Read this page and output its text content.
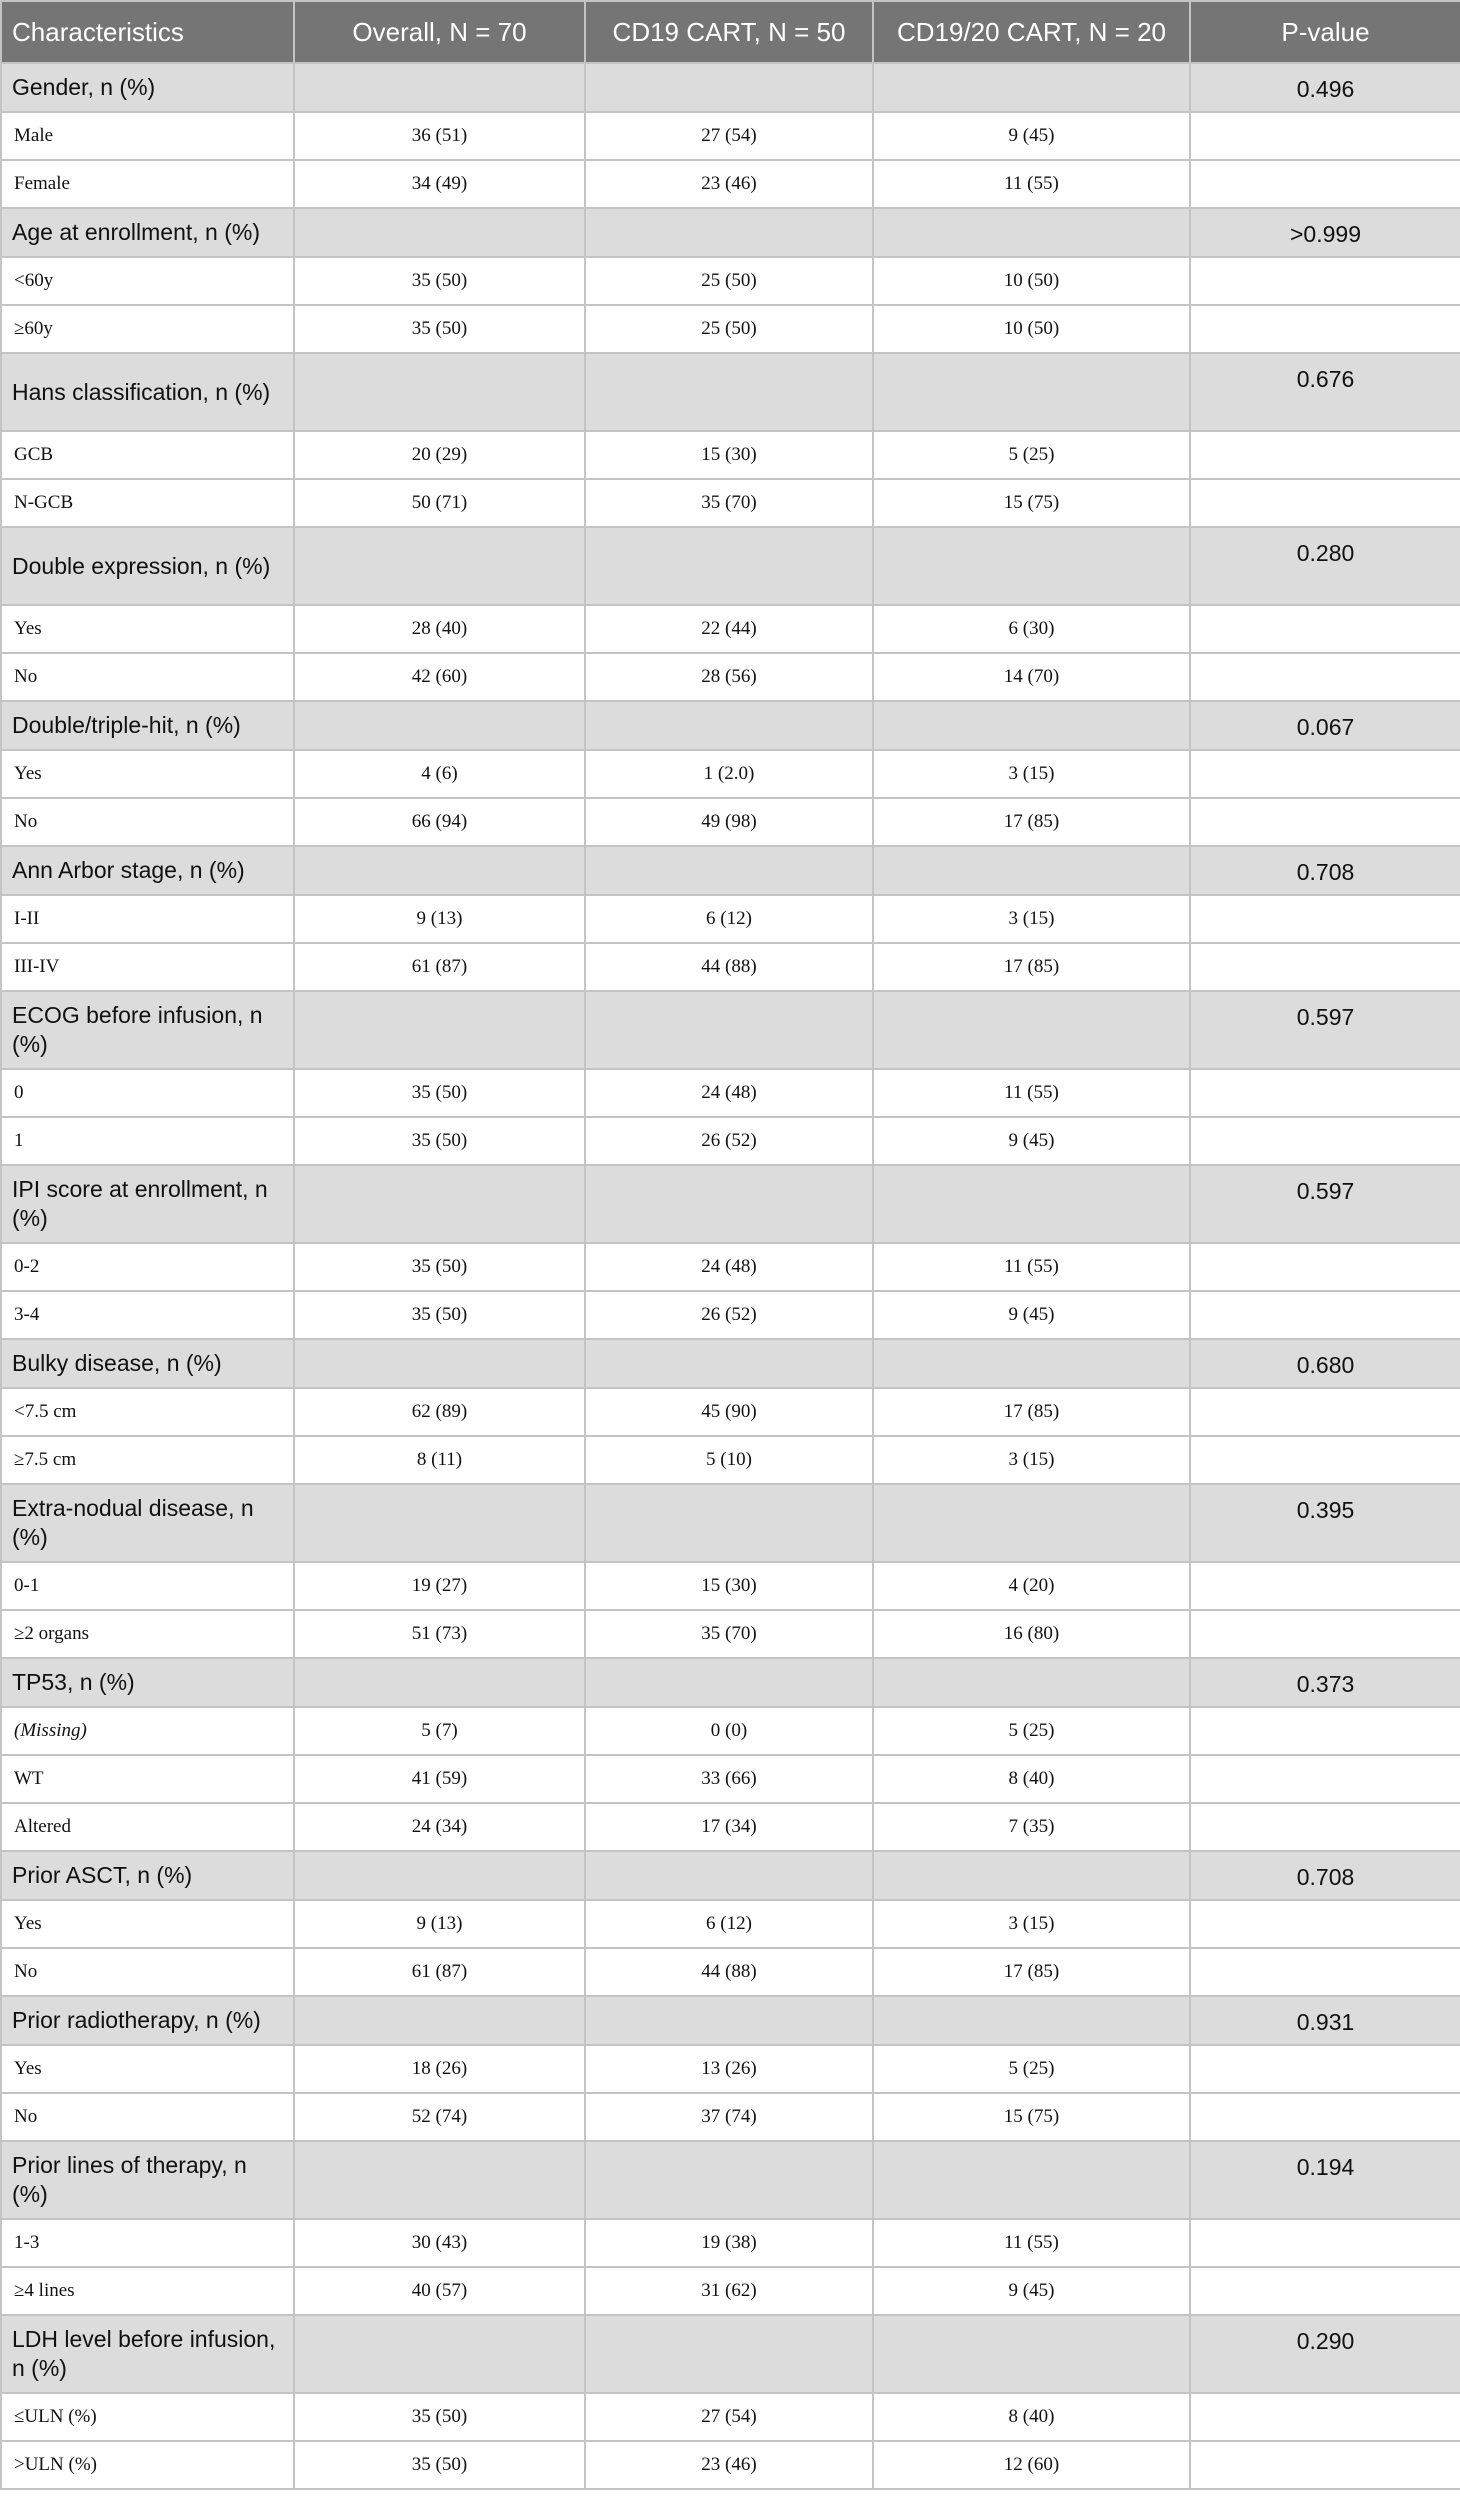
Characteristics	Overall, N = 70	CD19 CART, N = 50	CD19/20 CART, N = 20	P-value
Gender, n (%)				0.496
Male	36 (51)	27 (54)	9 (45)	
Female	34 (49)	23 (46)	11 (55)	
Age at enrollment, n (%)				>0.999
<60y	35 (50)	25 (50)	10 (50)	
≥60y	35 (50)	25 (50)	10 (50)	
Hans classification, n (%)				0.676
GCB	20 (29)	15 (30)	5 (25)	
N-GCB	50 (71)	35 (70)	15 (75)	
Double expression, n (%)				0.280
Yes	28 (40)	22 (44)	6 (30)	
No	42 (60)	28 (56)	14 (70)	
Double/triple-hit, n (%)				0.067
Yes	4 (6)	1 (2.0)	3 (15)	
No	66 (94)	49 (98)	17 (85)	
Ann Arbor stage, n (%)				0.708
I-II	9 (13)	6 (12)	3 (15)	
III-IV	61 (87)	44 (88)	17 (85)	
ECOG before infusion, n (%)				0.597
0	35 (50)	24 (48)	11 (55)	
1	35 (50)	26 (52)	9 (45)	
IPI score at enrollment, n (%)				0.597
0-2	35 (50)	24 (48)	11 (55)	
3-4	35 (50)	26 (52)	9 (45)	
Bulky disease, n (%)				0.680
<7.5 cm	62 (89)	45 (90)	17 (85)	
≥7.5 cm	8 (11)	5 (10)	3 (15)	
Extra-nodual disease, n (%)				0.395
0-1	19 (27)	15 (30)	4 (20)	
≥2 organs	51 (73)	35 (70)	16 (80)	
TP53, n (%)				0.373
(Missing)	5 (7)	0 (0)	5 (25)	
WT	41 (59)	33 (66)	8 (40)	
Altered	24 (34)	17 (34)	7 (35)	
Prior ASCT, n (%)				0.708
Yes	9 (13)	6 (12)	3 (15)	
No	61 (87)	44 (88)	17 (85)	
Prior radiotherapy, n (%)				0.931
Yes	18 (26)	13 (26)	5 (25)	
No	52 (74)	37 (74)	15 (75)	
Prior lines of therapy, n (%)				0.194
1-3	30 (43)	19 (38)	11 (55)	
≥4 lines	40 (57)	31 (62)	9 (45)	
LDH level before infusion, n (%)				0.290
≤ULN (%)	35 (50)	27 (54)	8 (40)	
>ULN (%)	35 (50)	23 (46)	12 (60)	
